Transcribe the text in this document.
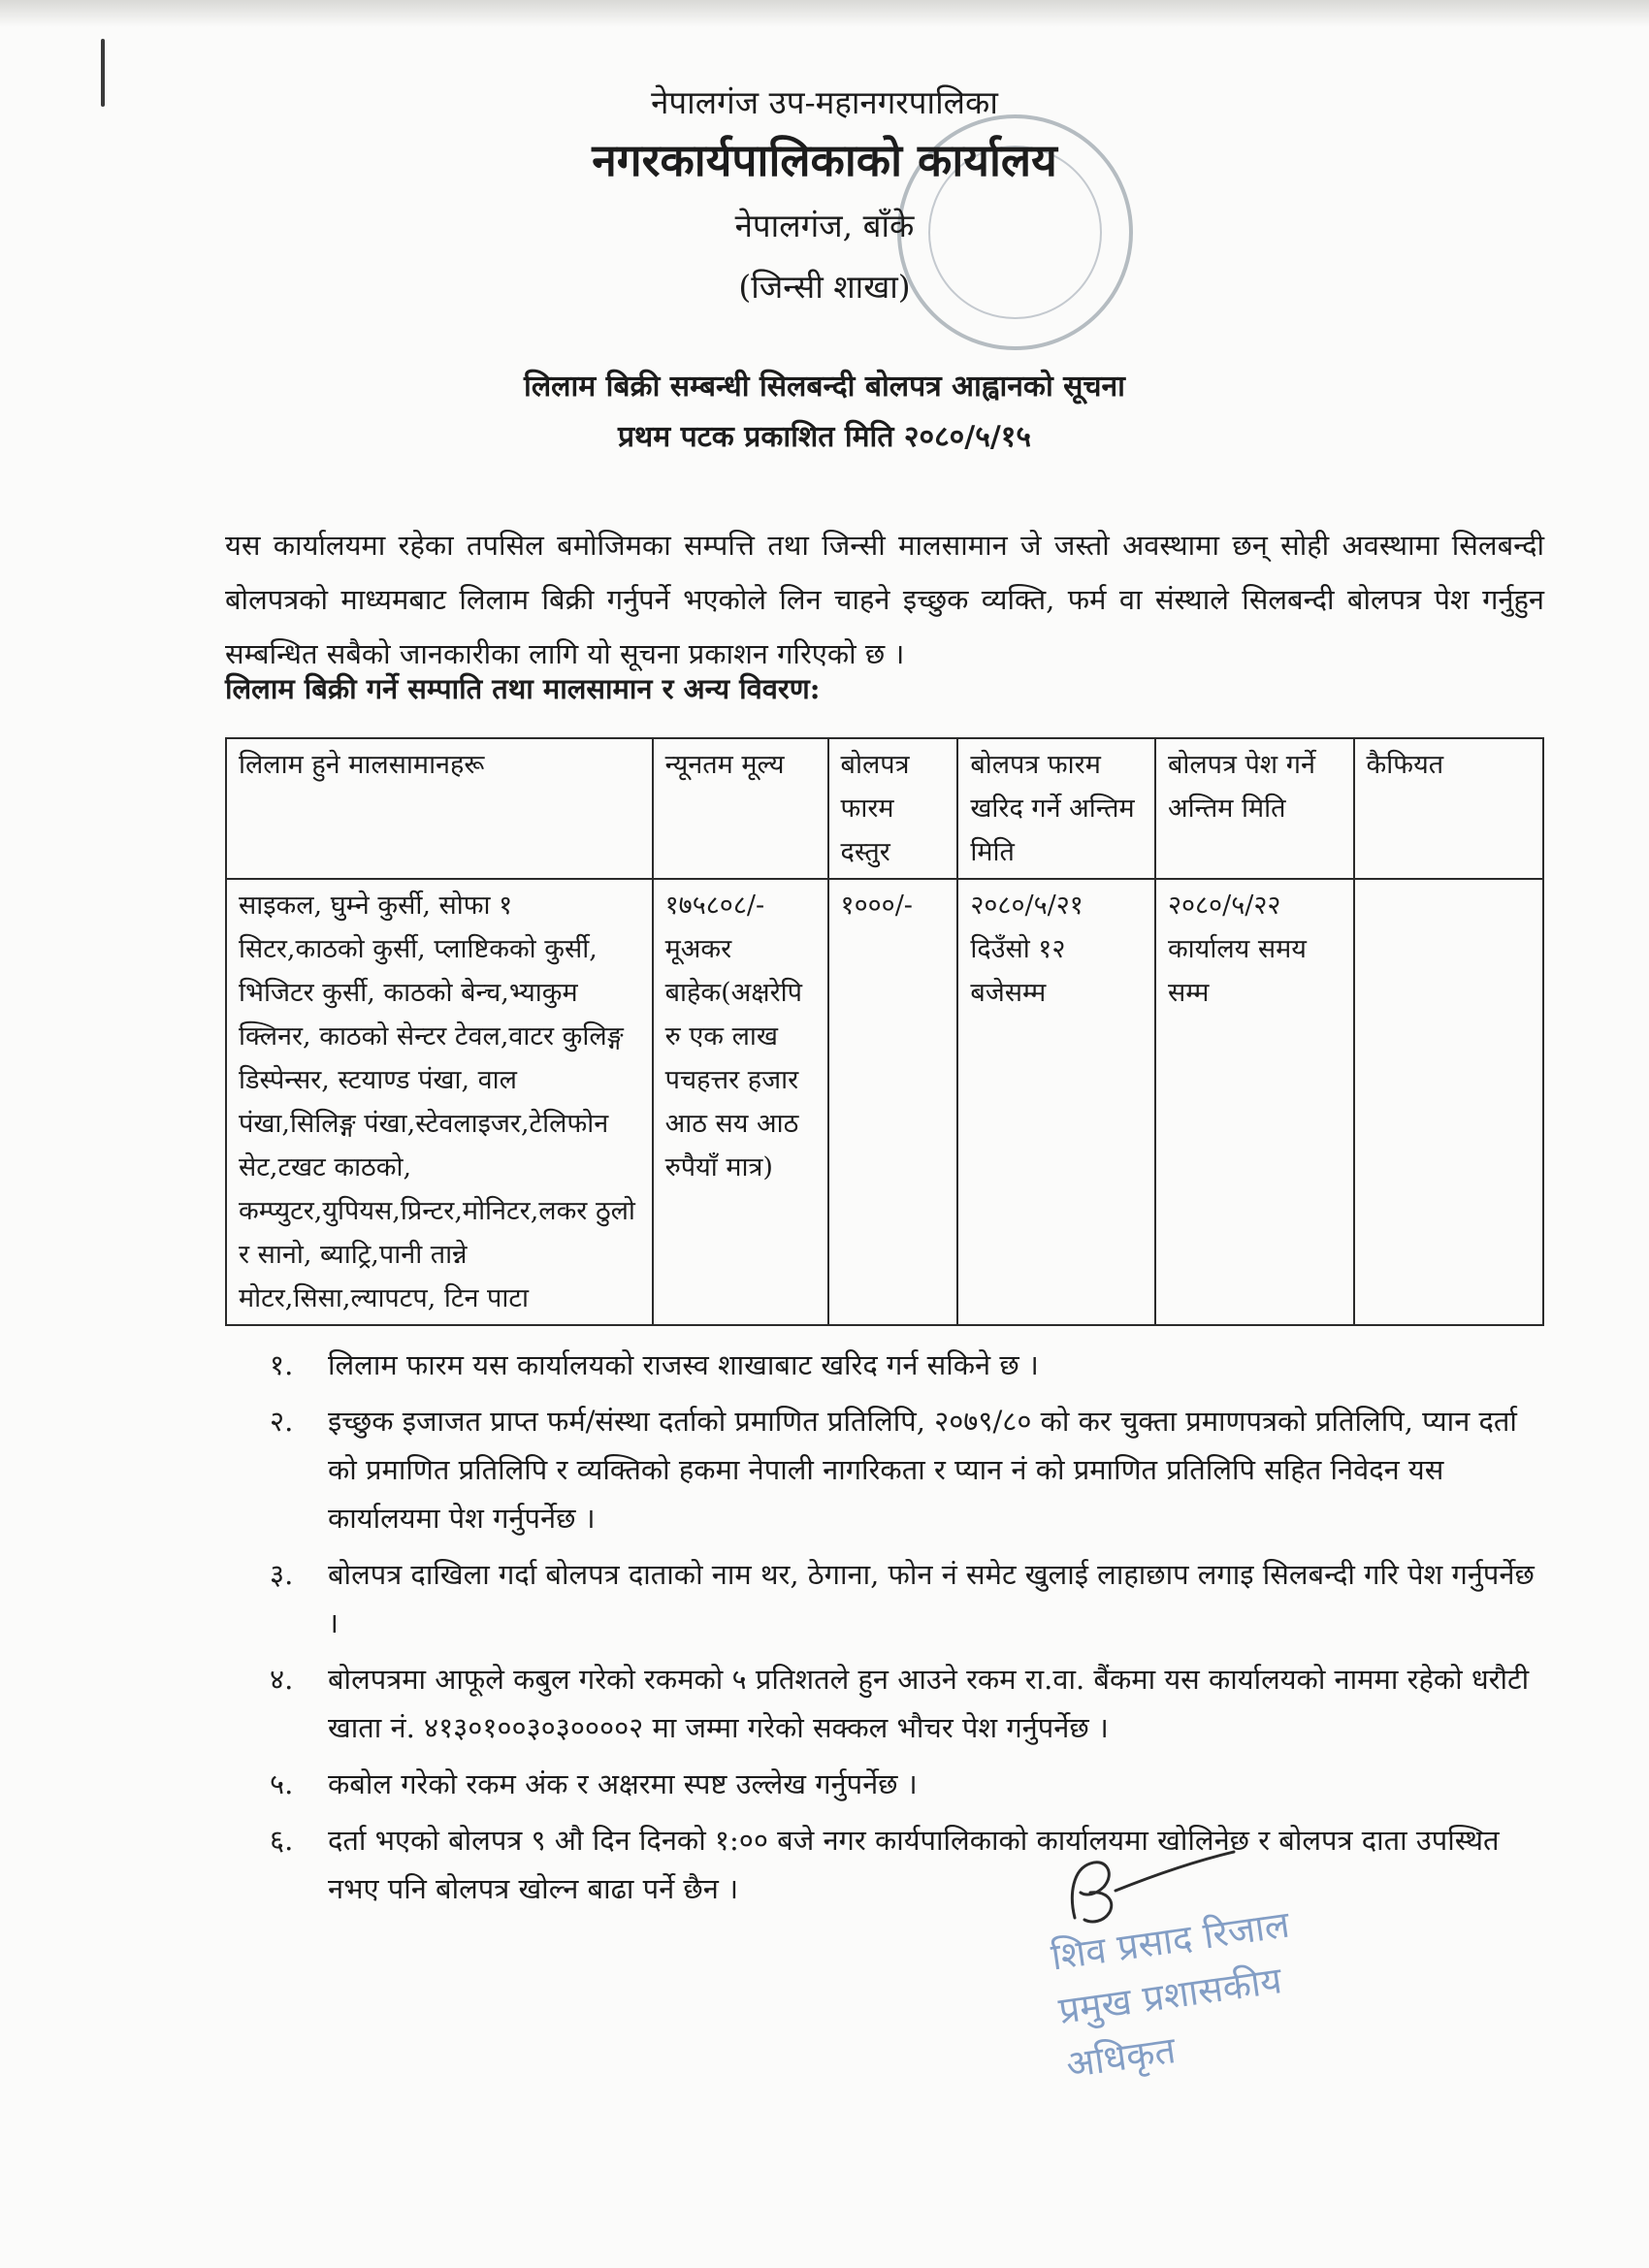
नेपालगंज उप-महानगरपालिका
नगरकार्यपालिकाको कार्यालय
नेपालगंज, बाँके
(जिन्सी शाखा)
लिलाम बिक्री सम्बन्धी सिलबन्दी बोलपत्र आह्वानको सूचना
प्रथम पटक प्रकाशित मिति २०८०/५/१५

यस कार्यालयमा रहेका तपसिल बमोजिमका सम्पत्ति तथा जिन्सी मालसामान जे जस्तो अवस्थामा छन् सोही अवस्थामा सिलबन्दी बोलपत्रको माध्यमबाट लिलाम बिक्री गर्नुपर्ने भएकोले लिन चाहने इच्छुक व्यक्ति, फर्म वा संस्थाले सिलबन्दी बोलपत्र पेश गर्नुहुन सम्बन्धित सबैको जानकारीका लागि यो सूचना प्रकाशन गरिएको छ ।

लिलाम बिक्री गर्ने सम्पाति तथा मालसामान र अन्य विवरण:
लिलाम हुने मालसामानहरू	न्यूनतम मूल्य	बोलपत्र फारम दस्तुर	बोलपत्र फारम खरिद गर्ने अन्तिम मिति	बोलपत्र पेश गर्ने अन्तिम मिति	कैफियत
साइकल, घुम्ने कुर्सी, सोफा १ सिटर,काठको कुर्सी, प्लाष्टिकको कुर्सी, भिजिटर कुर्सी, काठको बेन्च,भ्याकुम क्लिनर, काठको सेन्टर टेवल,वाटर कुलिङ्ग डिस्पेन्सर, स्टयाण्ड पंखा, वाल पंखा,सिलिङ्ग पंखा,स्टेवलाइजर,टेलिफोन सेट,टखट काठको, कम्प्युटर,युपियस,प्रिन्टर,मोनिटर,लकर ठुलो र सानो, ब्याट्रि,पानी तान्ने मोटर,सिसा,ल्यापटप, टिन पाटा	१७५८०८/- मूअकर बाहेक(अक्षरेपि रु एक लाख पचहत्तर हजार आठ सय आठ रुपैयाँ मात्र)	१०००/-	२०८०/५/२१ दिउँसो १२ बजेसम्म	२०८०/५/२२ कार्यालय समय सम्म	
१. लिलाम फारम यस कार्यालयको राजस्व शाखाबाट खरिद गर्न सकिने छ ।
२. इच्छुक इजाजत प्राप्त फर्म/संस्था दर्ताको प्रमाणित प्रतिलिपि, २०७९/८० को कर चुक्ता प्रमाणपत्रको प्रतिलिपि, प्यान दर्ता को प्रमाणित प्रतिलिपि र व्यक्तिको हकमा नेपाली नागरिकता र प्यान नं को प्रमाणित प्रतिलिपि सहित निवेदन यस कार्यालयमा पेश गर्नुपर्नेछ ।
३. बोलपत्र दाखिला गर्दा बोलपत्र दाताको नाम थर, ठेगाना, फोन नं समेट खुलाई लाहाछाप लगाइ सिलबन्दी गरि पेश गर्नुपर्नेछ ।
४. बोलपत्रमा आफूले कबुल गरेको रकमको ५ प्रतिशतले हुन आउने रकम रा.वा. बैंकमा यस कार्यालयको नाममा रहेको धरौटी खाता नं. ४१३०१००३०३००००२ मा जम्मा गरेको सक्कल भौचर पेश गर्नुपर्नेछ ।
५. कबोल गरेको रकम अंक र अक्षरमा स्पष्ट उल्लेख गर्नुपर्नेछ ।
६. दर्ता भएको बोलपत्र ९ औ दिन दिनको १:०० बजे नगर कार्यपालिकाको कार्यालयमा खोलिनेछ र बोलपत्र दाता उपस्थित नभए पनि बोलपत्र खोल्न बाढा पर्ने छैन ।
शिव प्रसाद रिजाल
प्रमुख प्रशासकीय अधिकृत
